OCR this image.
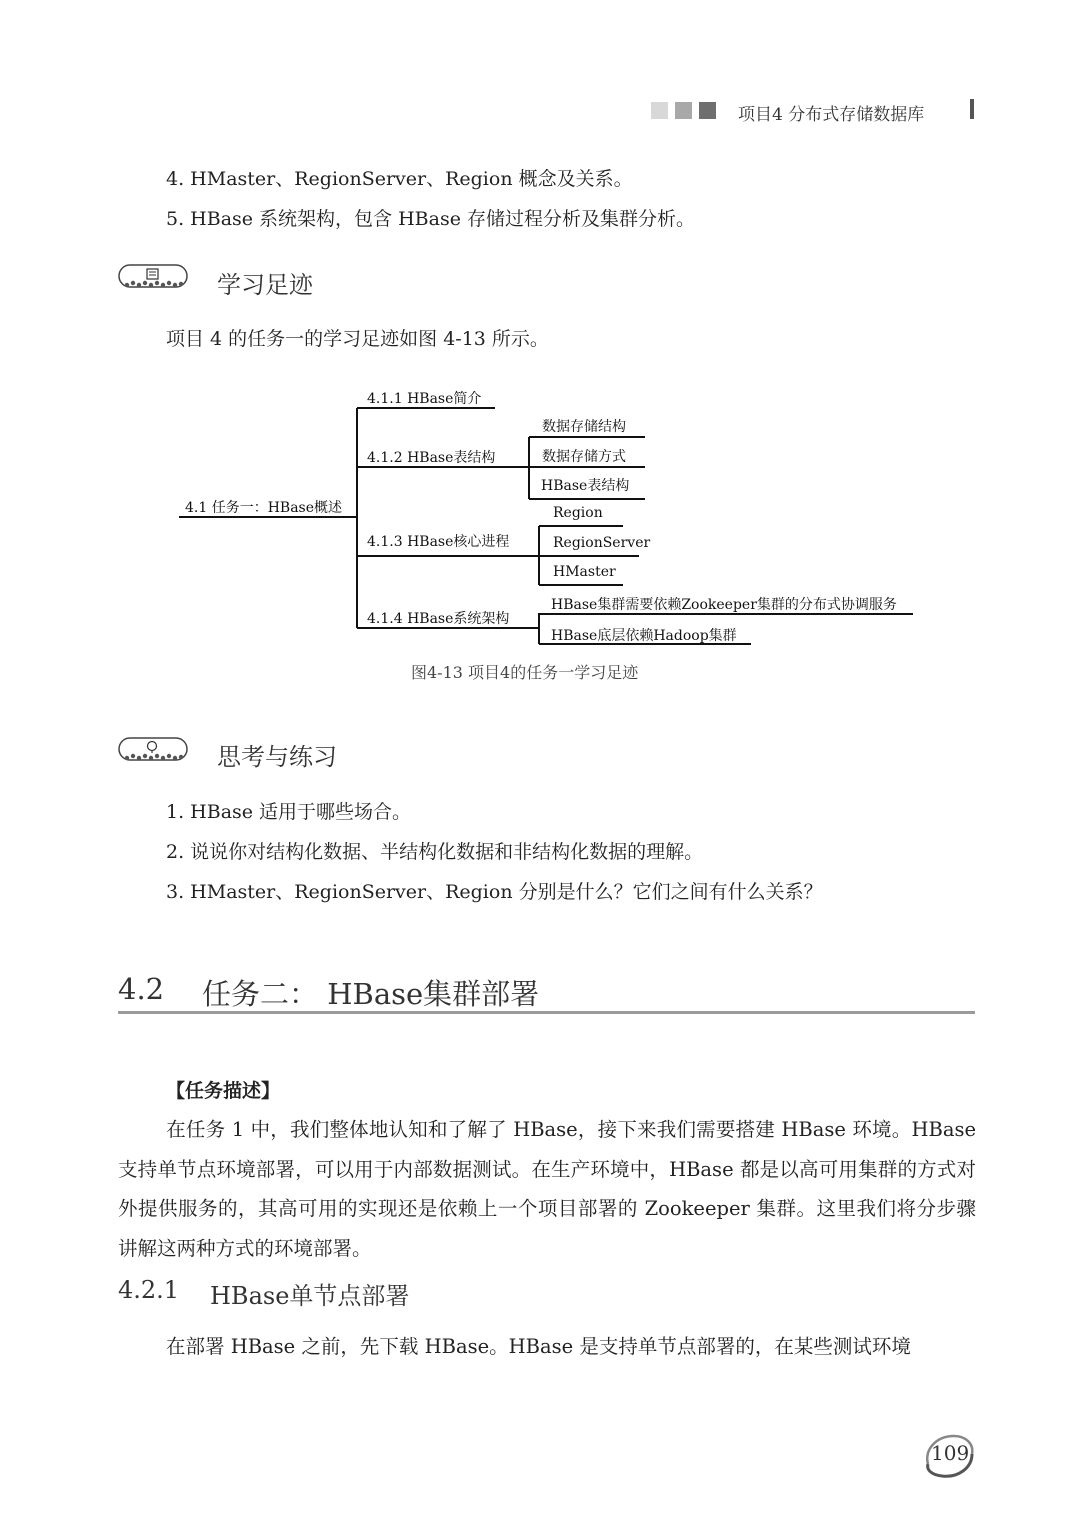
项目4 分布式存储数据库
4. HMaster、RegionServer、Region 概念及关系。
5. HBase 系统架构，包含 HBase 存储过程分析及集群分析。
学习足迹
项目 4 的任务一的学习足迹如图 4-13 所示。
4.1 任务一：HBase概述
4.1.1 HBase简介
4.1.2 HBase表结构
数据存储结构
数据存储方式
HBase表结构
4.1.3 HBase核心进程
Region
RegionServer
HMaster
4.1.4 HBase系统架构
HBase集群需要依赖Zookeeper集群的分布式协调服务
HBase底层依赖Hadoop集群
图4-13 项目4的任务一学习足迹
思考与练习
1. HBase 适用于哪些场合。
2. 说说你对结构化数据、半结构化数据和非结构化数据的理解。
3. HMaster、RegionServer、Region 分别是什么？它们之间有什么关系？
4.2 任务二： HBase集群部署
【任务描述】
在任务 1 中，我们整体地认知和了解了 HBase，接下来我们需要搭建 HBase 环境。HBase 支持单节点环境部署，可以用于内部数据测试。在生产环境中，HBase 都是以高可用集群的方式对外提供服务的，其高可用的实现还是依赖上一个项目部署的 Zookeeper 集群。这里我们将分步骤讲解这两种方式的环境部署。
4.2.1 HBase单节点部署
在部署 HBase 之前，先下载 HBase。HBase 是支持单节点部署的，在某些测试环境
109
